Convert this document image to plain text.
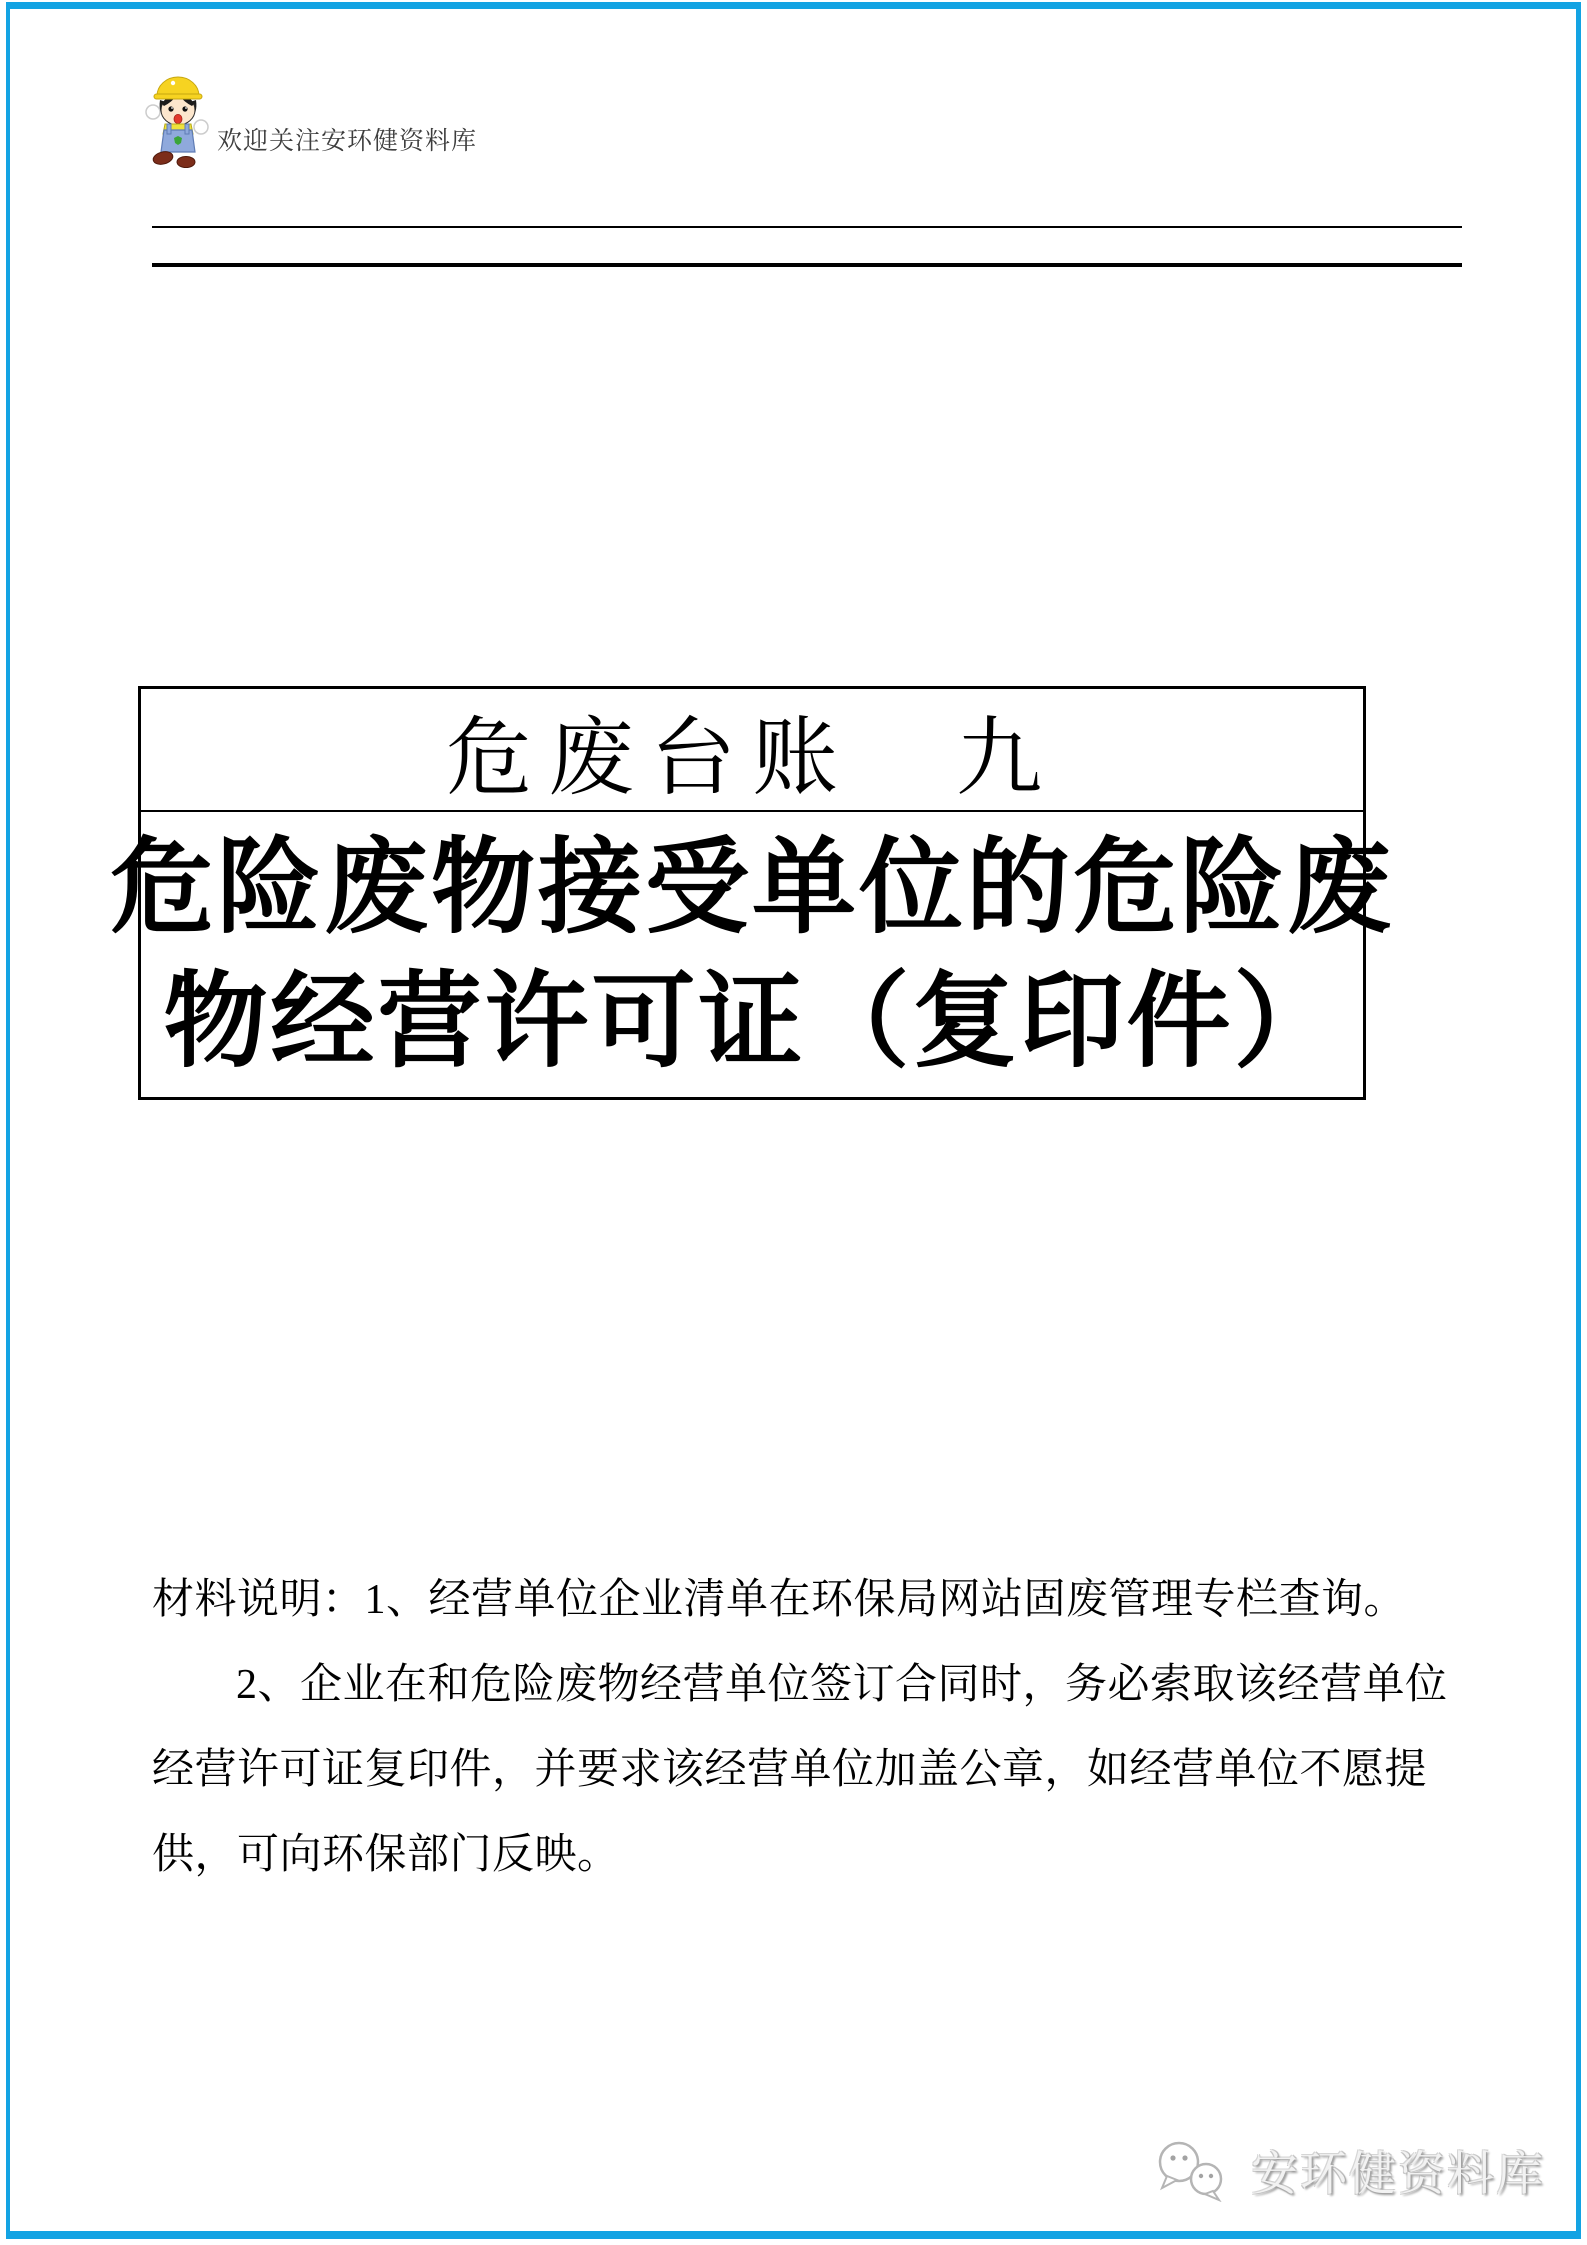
欢迎关注安环健资料库
危废台账　九
危险废物接受单位的危险废
物经营许可证（复印件）
材料说明：1、经营单位企业清单在环保局网站固废管理专栏查询。
2、企业在和危险废物经营单位签订合同时，务必索取该经营单位
经营许可证复印件，并要求该经营单位加盖公章，如经营单位不愿提
供，可向环保部门反映。
安环健资料库
